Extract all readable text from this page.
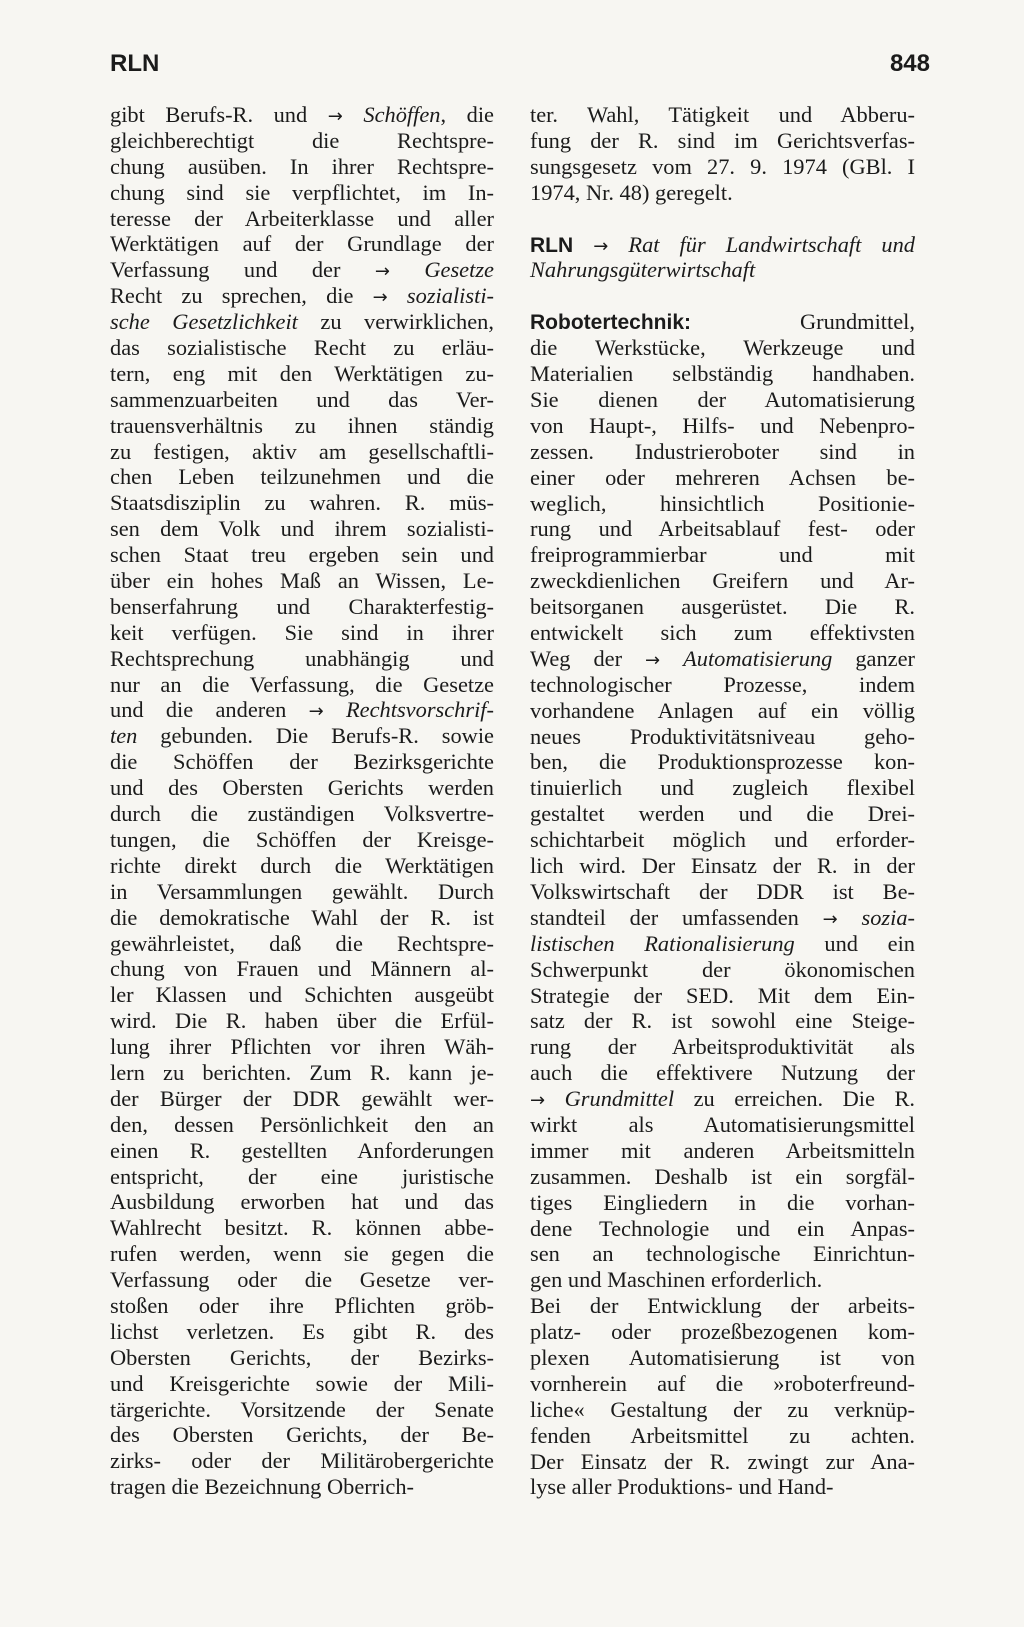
RLN	848
gibt Berufs-R. und → Schöffen, die
gleichberechtigt die Rechtspre-
chung ausüben. In ihrer Rechtspre-
chung sind sie verpflichtet, im In-
teresse der Arbeiterklasse und aller
Werktätigen auf der Grundlage der
Verfassung und der → Gesetze
Recht zu sprechen, die → sozialisti-
sche Gesetzlichkeit zu verwirklichen,
das sozialistische Recht zu erläu-
tern, eng mit den Werktätigen zu-
sammenzuarbeiten und das Ver-
trauensverhältnis zu ihnen ständig
zu festigen, aktiv am gesellschaftli-
chen Leben teilzunehmen und die
Staatsdisziplin zu wahren. R. müs-
sen dem Volk und ihrem sozialisti-
schen Staat treu ergeben sein und
über ein hohes Maß an Wissen, Le-
benserfahrung und Charakterfestig-
keit verfügen. Sie sind in ihrer
Rechtsprechung unabhängig und
nur an die Verfassung, die Gesetze
und die anderen → Rechtsvorschrif-
ten gebunden. Die Berufs-R. sowie
die Schöffen der Bezirksgerichte
und des Obersten Gerichts werden
durch die zuständigen Volksvertre-
tungen, die Schöffen der Kreisge-
richte direkt durch die Werktätigen
in Versammlungen gewählt. Durch
die demokratische Wahl der R. ist
gewährleistet, daß die Rechtspre-
chung von Frauen und Männern al-
ler Klassen und Schichten ausgeübt
wird. Die R. haben über die Erfül-
lung ihrer Pflichten vor ihren Wäh-
lern zu berichten. Zum R. kann je-
der Bürger der DDR gewählt wer-
den, dessen Persönlichkeit den an
einen R. gestellten Anforderungen
entspricht, der eine juristische
Ausbildung erworben hat und das
Wahlrecht besitzt. R. können abbe-
rufen werden, wenn sie gegen die
Verfassung oder die Gesetze ver-
stoßen oder ihre Pflichten gröb-
lichst verletzen. Es gibt R. des
Obersten Gerichts, der Bezirks-
und Kreisgerichte sowie der Mili-
tärgerichte. Vorsitzende der Senate
des Obersten Gerichts, der Be-
zirks- oder der Militärobergerichte
tragen die Bezeichnung Oberrich-
ter. Wahl, Tätigkeit und Abberu-
fung der R. sind im Gerichtsverfas-
sungsgesetz vom 27. 9. 1974 (GBl. I
1974, Nr. 48) geregelt.
RLN → Rat für Landwirtschaft und
Nahrungsgüterwirtschaft
Robotertechnik:	Grundmittel,
die Werkstücke, Werkzeuge und
Materialien selbständig handhaben.
Sie dienen der Automatisierung
von Haupt-, Hilfs- und Nebenpro-
zessen. Industrieroboter sind in
einer oder mehreren Achsen be-
weglich, hinsichtlich Positionie-
rung und Arbeitsablauf fest- oder
freiprogrammierbar und mit
zweckdienlichen Greifern und Ar-
beitsorganen ausgerüstet. Die R.
entwickelt sich zum effektivsten
Weg der → Automatisierung ganzer
technologischer Prozesse, indem
vorhandene Anlagen auf ein völlig
neues Produktivitätsniveau geho-
ben, die Produktionsprozesse kon-
tinuierlich und zugleich flexibel
gestaltet werden und die Drei-
schichtarbeit möglich und erforder-
lich wird. Der Einsatz der R. in der
Volkswirtschaft der DDR ist Be-
standteil der umfassenden → sozia-
listischen Rationalisierung und ein
Schwerpunkt der ökonomischen
Strategie der SED. Mit dem Ein-
satz der R. ist sowohl eine Steige-
rung der Arbeitsproduktivität als
auch die effektivere Nutzung der
→ Grundmittel zu erreichen. Die R.
wirkt als Automatisierungsmittel
immer mit anderen Arbeitsmitteln
zusammen. Deshalb ist ein sorgfäl-
tiges Eingliedern in die vorhan-
dene Technologie und ein Anpas-
sen an technologische Einrichtun-
gen und Maschinen erforderlich.
Bei der Entwicklung der arbeits-
platz- oder prozeßbezogenen kom-
plexen Automatisierung ist von
vornherein auf die »roboterfreund-
liche« Gestaltung der zu verknüp-
fenden Arbeitsmittel zu achten.
Der Einsatz der R. zwingt zur Ana-
lyse aller Produktions- und Hand-
